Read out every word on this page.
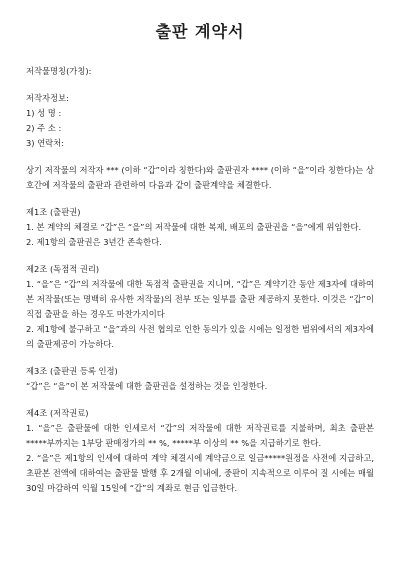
출판 계약서

저작물명칭(가칭):

저작자정보:

1) 성 명 :

2) 주 소 :

3) 연락처:

상기 저작물의 저작자 *** (이하 “갑”이라 칭한다)와 출판권자 **** (이하 “을”이라 칭한다)는 상호간에 저작물의 출판과 관련하여 다음과 같이 출판계약을 체결한다.

제1조 (출판권)

1. 본 계약의 체결로 “갑”은 “을”의 저작물에 대한 복제, 배포의 출판권을 “을”에게 위임한다.

2. 제1항의 출판권은 3년간 존속한다.

제2조 (독점적 권리)

1. “을”은 “갑”의 저작물에 대한 독점적 출판권을 지니며, “갑”은 계약기간 동안 제3자에 대하여 본 저작물(또는 명백히 유사한 저작물)의 전부 또는 일부를 출판 제공하지 못한다. 이것은 “갑”이 직접 출판을 하는 경우도 마찬가지이다

2. 제1항에 불구하고 “을”과의 사전 협의로 인한 동의가 있을 시에는 일정한 범위에서의 제3자에의 출판제공이 가능하다.

제3조 (출판권 등록 인정)

“갑”은 “을”이 본 저작물에 대한 출판권을 설정하는 것을 인정한다.

제4조 (저작권료)

1. “을”은 출판물에 대한 인세로서 “갑”의 저작물에 대한 저작권료를 지불하며, 최초 출판본 *****부까지는 1부당 판매정가의 ** %, *****부 이상의 ** %을 지급하기로 한다.

2. “을”은 제1항의 인세에 대하여 계약 체결시에 계약금으로 일금*****원정을 사전에 지급하고, 초판본 전액에 대하여는 출판물 발행 후 2개월 이내에, 중판이 지속적으로 이루어 질 시에는 매월 30일 마감하여 익월 15일에 “갑”의 계좌로 현금 입금한다.
